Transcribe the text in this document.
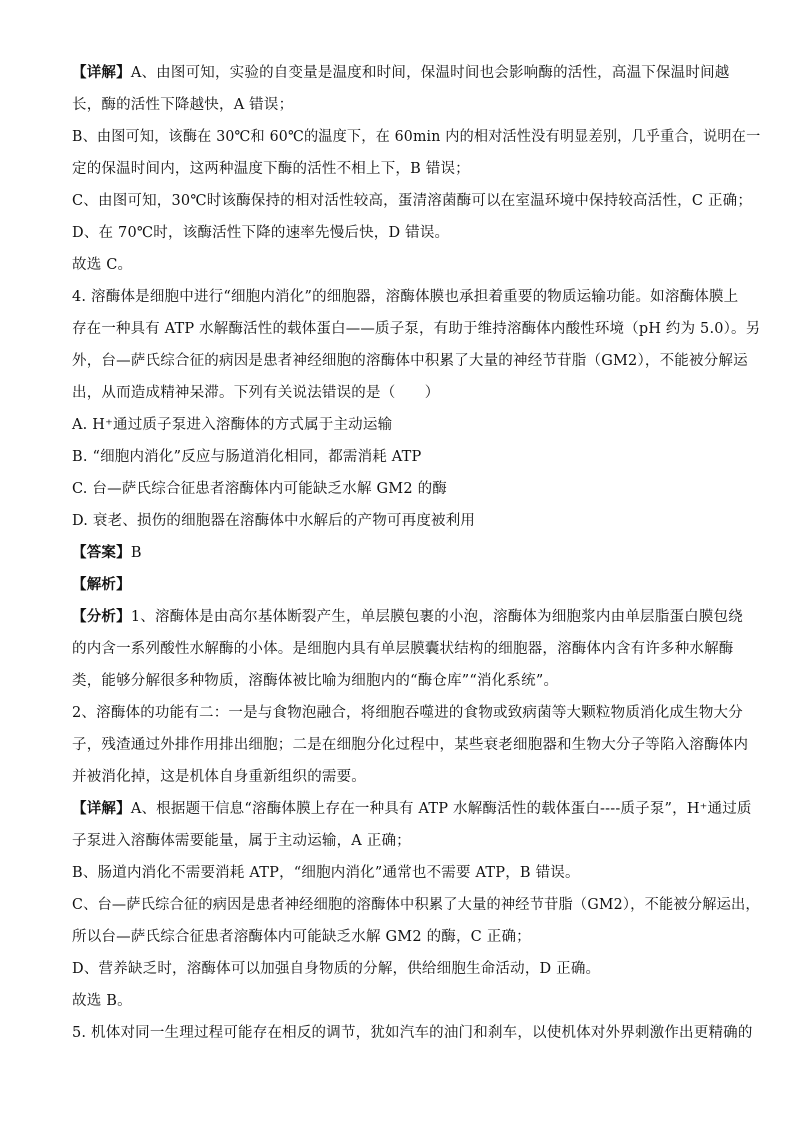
【详解】A、由图可知，实验的自变量是温度和时间，保温时间也会影响酶的活性，高温下保温时间越
长，酶的活性下降越快，A 错误；
B、由图可知，该酶在 30℃和 60℃的温度下，在 60min 内的相对活性没有明显差别，几乎重合，说明在一
定的保温时间内，这两种温度下酶的活性不相上下，B 错误；
C、由图可知，30℃时该酶保持的相对活性较高，蛋清溶菌酶可以在室温环境中保持较高活性，C 正确；
D、在 70℃时，该酶活性下降的速率先慢后快，D 错误。
故选 C。
4. 溶酶体是细胞中进行“细胞内消化”的细胞器，溶酶体膜也承担着重要的物质运输功能。如溶酶体膜上
存在一种具有 ATP 水解酶活性的载体蛋白——质子泵，有助于维持溶酶体内酸性环境（pH 约为 5.0）。另
外，台—萨氏综合征的病因是患者神经细胞的溶酶体中积累了大量的神经节苷脂（GM2），不能被分解运
出，从而造成精神呆滞。下列有关说法错误的是（　　）
A. H⁺通过质子泵进入溶酶体的方式属于主动运输
B. “细胞内消化”反应与肠道消化相同，都需消耗 ATP
C. 台—萨氏综合征患者溶酶体内可能缺乏水解 GM2 的酶
D. 衰老、损伤的细胞器在溶酶体中水解后的产物可再度被利用
【答案】B
【解析】
【分析】1、溶酶体是由高尔基体断裂产生，单层膜包裹的小泡，溶酶体为细胞浆内由单层脂蛋白膜包绕
的内含一系列酸性水解酶的小体。是细胞内具有单层膜囊状结构的细胞器，溶酶体内含有许多种水解酶
类，能够分解很多种物质，溶酶体被比喻为细胞内的“酶仓库”“消化系统”。
2、溶酶体的功能有二：一是与食物泡融合，将细胞吞噬进的食物或致病菌等大颗粒物质消化成生物大分
子，残渣通过外排作用排出细胞；二是在细胞分化过程中，某些衰老细胞器和生物大分子等陷入溶酶体内
并被消化掉，这是机体自身重新组织的需要。
【详解】A、根据题干信息“溶酶体膜上存在一种具有 ATP 水解酶活性的载体蛋白----质子泵”，H⁺通过质
子泵进入溶酶体需要能量，属于主动运输，A 正确；
B、肠道内消化不需要消耗 ATP，“细胞内消化”通常也不需要 ATP，B 错误。
C、台—萨氏综合征的病因是患者神经细胞的溶酶体中积累了大量的神经节苷脂（GM2），不能被分解运出，
所以台—萨氏综合征患者溶酶体内可能缺乏水解 GM2 的酶，C 正确；
D、营养缺乏时，溶酶体可以加强自身物质的分解，供给细胞生命活动，D 正确。
故选 B。
5. 机体对同一生理过程可能存在相反的调节，犹如汽车的油门和刹车，以使机体对外界刺激作出更精确的
